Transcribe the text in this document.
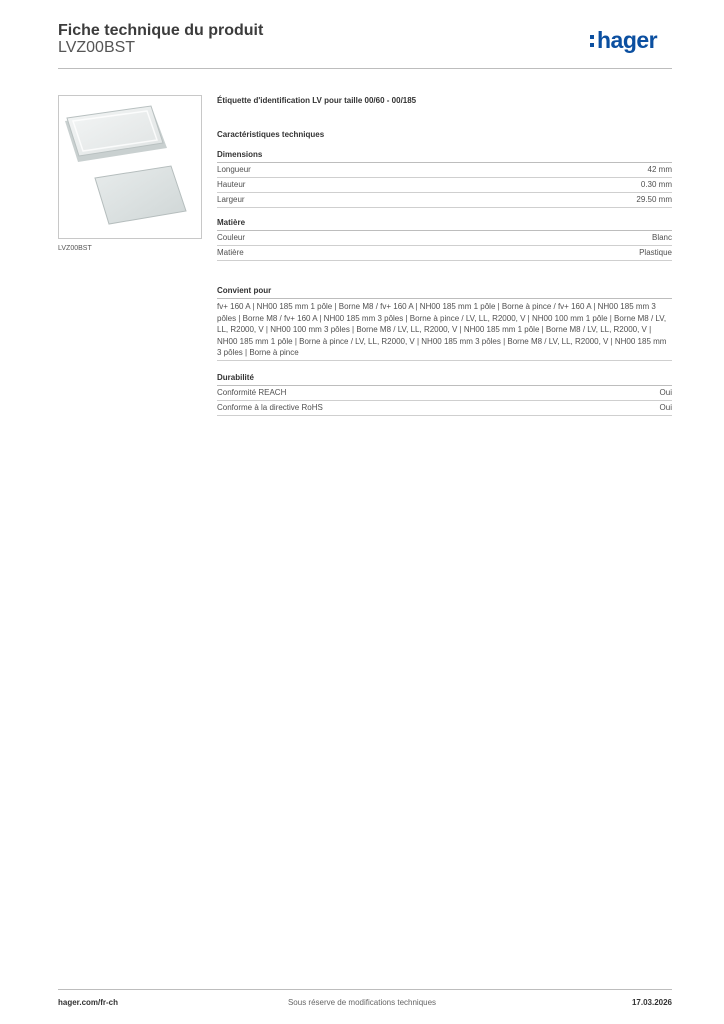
Fiche technique du produit
LVZ00BST	hager
LVZ00BST
Étiquette d'identification LV pour taille 00/60 - 00/185
Caractéristiques techniques
Dimensions
Longueur	42 mm
Hauteur	0.30 mm
Largeur	29.50 mm
Matière
Couleur	Blanc
Matière	Plastique
Convient pour
fv+ 160 A | NH00 185 mm 1 pôle | Borne M8 / fv+ 160 A | NH00 185 mm 1 pôle | Borne à pince / fv+ 160 A | NH00 185 mm 3 pôles | Borne M8 / fv+ 160 A | NH00 185 mm 3 pôles | Borne à pince / LV, LL, R2000, V | NH00 100 mm 1 pôle | Borne M8 / LV, LL, R2000, V | NH00 100 mm 3 pôles | Borne M8 / LV, LL, R2000, V | NH00 185 mm 1 pôle | Borne M8 / LV, LL, R2000, V | NH00 185 mm 1 pôle | Borne à pince / LV, LL, R2000, V | NH00 185 mm 3 pôles | Borne M8 / LV, LL, R2000, V | NH00 185 mm 3 pôles | Borne à pince
Durabilité
Conformité REACH	Oui
Conforme à la directive RoHS	Oui
hager.com/fr-ch	Sous réserve de modifications techniques	17.03.2026
